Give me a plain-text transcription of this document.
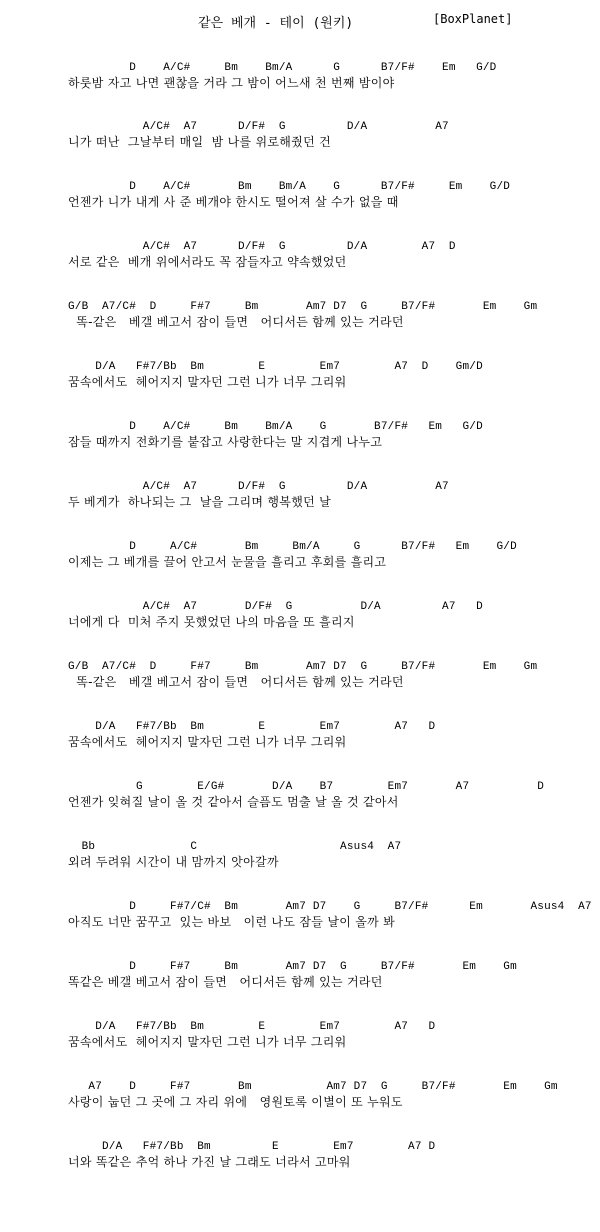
같은 베개 - 테이 (원키)	[BoxPlanet]
D    A/C#     Bm    Bm/A      G      B7/F#    Em   G/D
하룻밤 자고 나면 괜찮을 거라 그 밤이 어느새 천 번째 밤이야
A/C#  A7      D/F#  G         D/A          A7
니가 떠난  그날부터 매일  밤 나를 위로해줬던 건
D    A/C#       Bm    Bm/A    G      B7/F#     Em    G/D
언젠가 니가 내게 사 준 베개야 한시도 떨어져 살 수가 없을 때
A/C#  A7      D/F#  G         D/A        A7  D
서로 같은  베개 위에서라도 꼭 잠들자고 약속했었던
G/B  A7/C#  D     F#7     Bm       Am7 D7  G     B7/F#       Em    Gm
똑-같은   베갤 베고서 잠이 들면   어디서든 함께 있는 거라던
D/A   F#7/Bb  Bm        E        Em7        A7  D    Gm/D
꿈속에서도  헤어지지 말자던 그런 니가 너무 그리워
D    A/C#     Bm    Bm/A    G       B7/F#   Em   G/D
잠들 때까지 전화기를 붙잡고 사랑한다는 말 지겹게 나누고
A/C#  A7      D/F#  G         D/A          A7
두 베게가  하나되는 그  날을 그리며 행복했던 날
D     A/C#       Bm     Bm/A     G      B7/F#   Em    G/D
이제는 그 베개를 끌어 안고서 눈물을 흘리고 후회를 흘리고
A/C#  A7       D/F#  G          D/A         A7   D
너에게 다  미처 주지 못했었던 나의 마음을 또 흘리지
G/B  A7/C#  D     F#7     Bm       Am7 D7  G     B7/F#       Em    Gm
똑-같은   베갤 베고서 잠이 들면   어디서든 함께 있는 거라던
D/A   F#7/Bb  Bm        E        Em7        A7   D
꿈속에서도  헤어지지 말자던 그런 니가 너무 그리워
G        E/G#       D/A    B7        Em7       A7          D
언젠가 잊혀질 날이 올 것 같아서 슬픔도 멈출 날 올 것 같아서
Bb              C                     Asus4  A7
외려 두려워 시간이 내 맘까지 앗아갈까
D     F#7/C#  Bm       Am7 D7    G     B7/F#      Em       Asus4  A7
아직도 너만 꿈꾸고  있는 바보   이런 나도 잠들 날이 올까 봐
D     F#7     Bm       Am7 D7  G     B7/F#       Em    Gm
똑같은 베갤 베고서 잠이 들면   어디서든 함께 있는 거라던
D/A   F#7/Bb  Bm        E        Em7        A7   D
꿈속에서도  헤어지지 말자던 그런 니가 너무 그리워
A7    D     F#7       Bm           Am7 D7  G     B7/F#       Em    Gm
사랑이 눕던 그 곳에 그 자리 위에   영원토록 이별이 또 누워도
D/A   F#7/Bb  Bm         E        Em7        A7 D
너와 똑같은 추억 하나 가진 날 그래도 너라서 고마워
